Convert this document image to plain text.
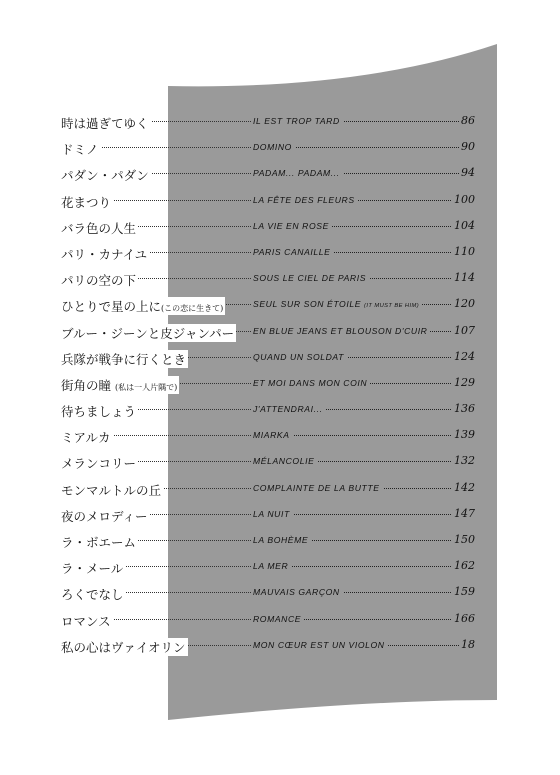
時は過ぎてゆく	IL EST TROP TARD	86
ドミノ	DOMINO	90
パダン・パダン	PADAM... PADAM...	94
花まつり	LA FÊTE DES FLEURS	100
バラ色の人生	LA VIE EN ROSE	104
パリ・カナイユ	PARIS CANAILLE	110
パリの空の下	SOUS LE CIEL DE PARIS	114
ひとりで星の上に(この恋に生きて)	SEUL SUR SON ÉTOILE (IT MUST BE HIM)	120
ブルー・ジーンと皮ジャンパー EN BLUE JEANS ET BLOUSON D'CUIR 107
兵隊が戦争に行くとき	QUAND UN SOLDAT	124
街角の瞳 (私は一人片隅で)	ET MOI DANS MON COIN	129
待ちましょう	J'ATTENDRAI...	136
ミアルカ	MIARKA	139
メランコリー	MÉLANCOLIE	132
モンマルトルの丘	COMPLAINTE DE LA BUTTE	142
夜のメロディー	LA NUIT	147
ラ・ボエーム	LA BOHÈME	150
ラ・メール	LA MER	162
ろくでなし	MAUVAIS GARÇON	159
ロマンス	ROMANCE	166
私の心はヴァイオリン	MON CŒUR EST UN VIOLON	18
